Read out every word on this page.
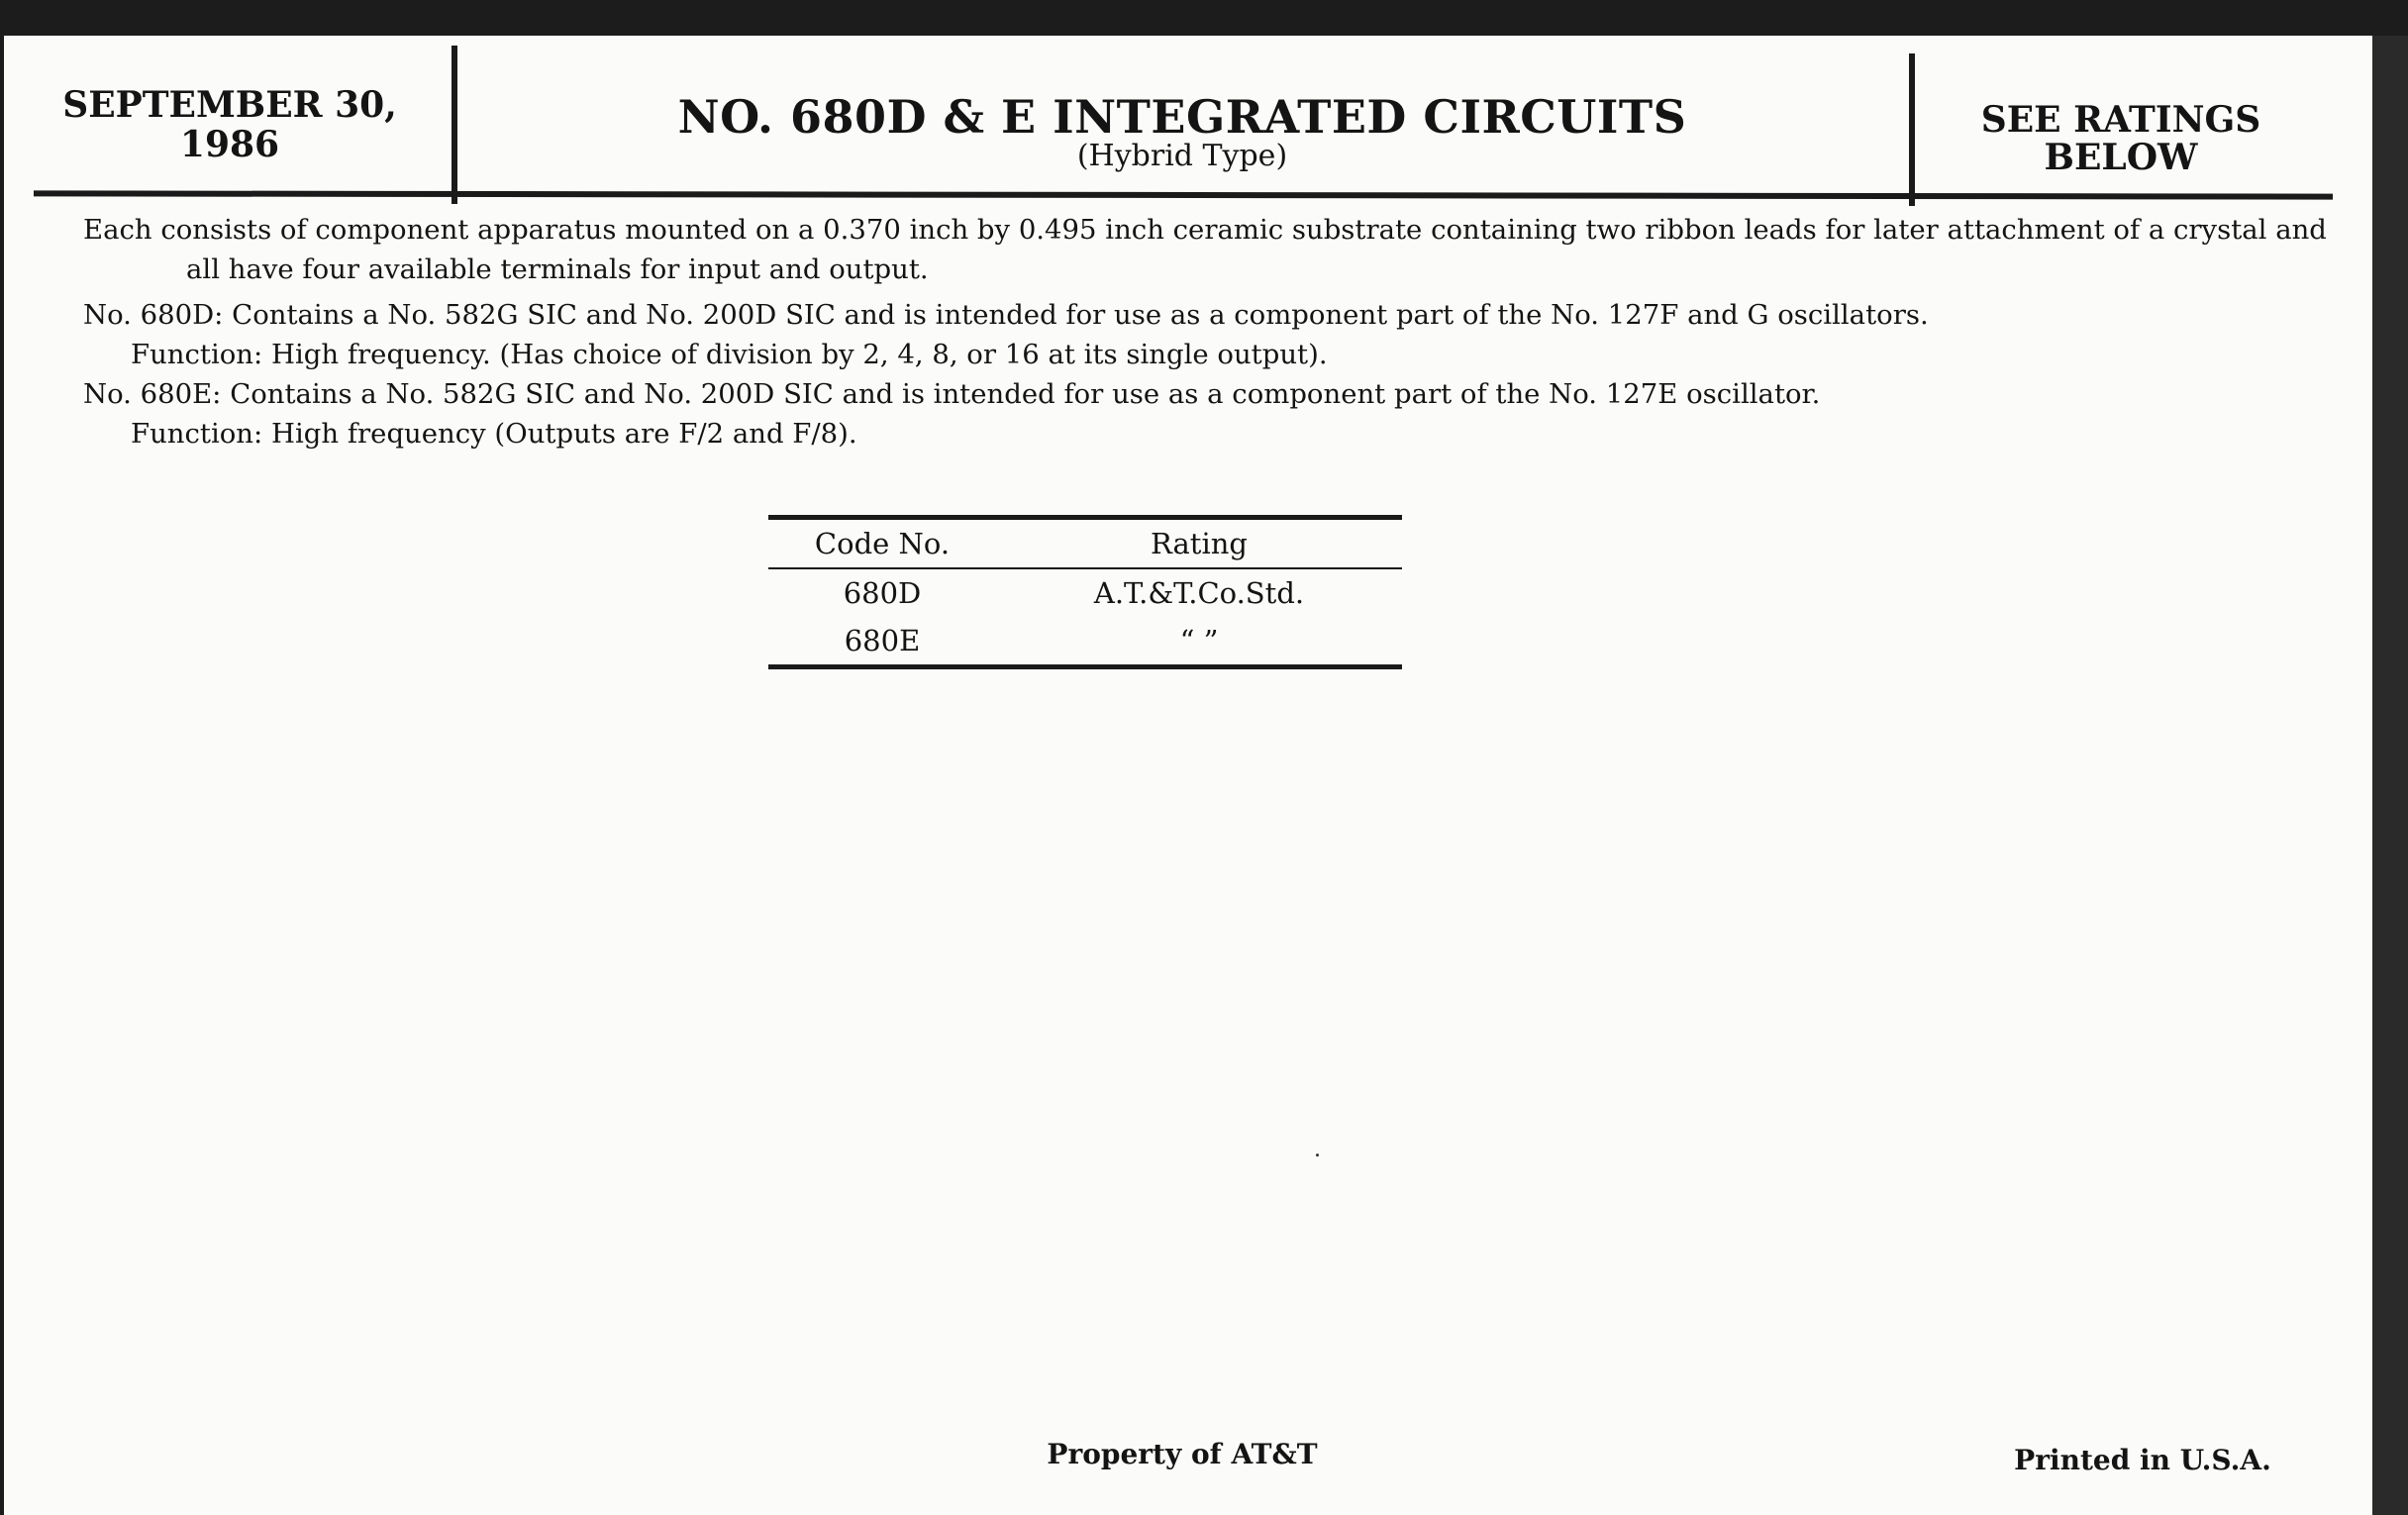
SEPTEMBER 30,
1986
NO. 680D & E INTEGRATED CIRCUITS
(Hybrid Type)
SEE RATINGS
BELOW

Each consists of component apparatus mounted on a 0.370 inch by 0.495 inch ceramic substrate containing two ribbon leads for later attachment of a crystal and all have four available terminals for input and output.

No. 680D: Contains a No. 582G SIC and No. 200D SIC and is intended for use as a component part of the No. 127F and G oscillators.

Function: High frequency. (Has choice of division by 2, 4, 8, or 16 at its single output).

No. 680E: Contains a No. 582G SIC and No. 200D SIC and is intended for use as a component part of the No. 127E oscillator.

Function: High frequency (Outputs are F/2 and F/8).

Code No.	Rating
680D	A.T.&T.Co.Std.
680E	“ ”
Property of AT&T	Printed in U.S.A.
